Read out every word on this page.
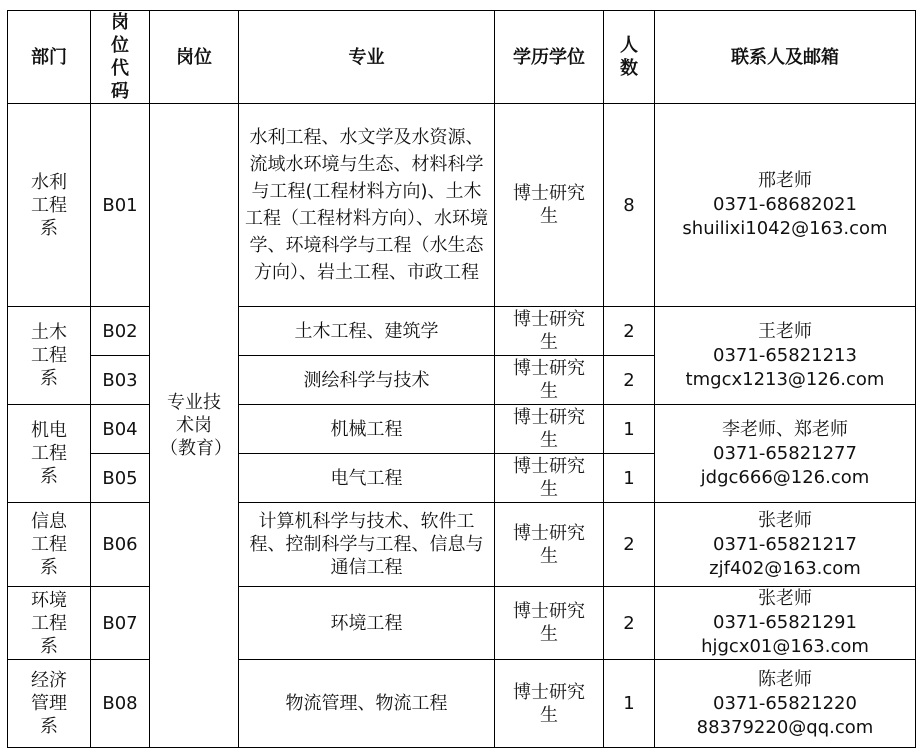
部门	岗位代码	岗位	专业	学历学位	人数	联系人及邮箱
水利工程系	B01	专业技术岗（教育）	水利工程、水文学及水资源、流域水环境与生态、材料科学与工程(工程材料方向)、土木工程（工程材料方向）、水环境学、环境科学与工程（水生态方向）、岩土工程、市政工程	博士研究生	8	邢老师
0371-68682021
shuilixi1042@163.com

土木工程系	B02		土木工程、建筑学	博士研究生	2	王老师
0371-65821213
tmgcx1213@126.com

	B03		测绘科学与技术	博士研究生	2	
机电工程系	B04		机械工程	博士研究生	1	李老师、郑老师
0371-65821277
jdgc666@126.com

	B05		电气工程	博士研究生	1	
信息工程系	B06		计算机科学与技术、软件工程、控制科学与工程、信息与通信工程	博士研究生	2	张老师
0371-65821217
zjf402@163.com

环境工程系	B07		环境工程	博士研究生	2	张老师
0371-65821291
hjgcx01@163.com

经济管理系	B08		物流管理、物流工程	博士研究生	1	陈老师
0371-65821220
88379220@qq.com
